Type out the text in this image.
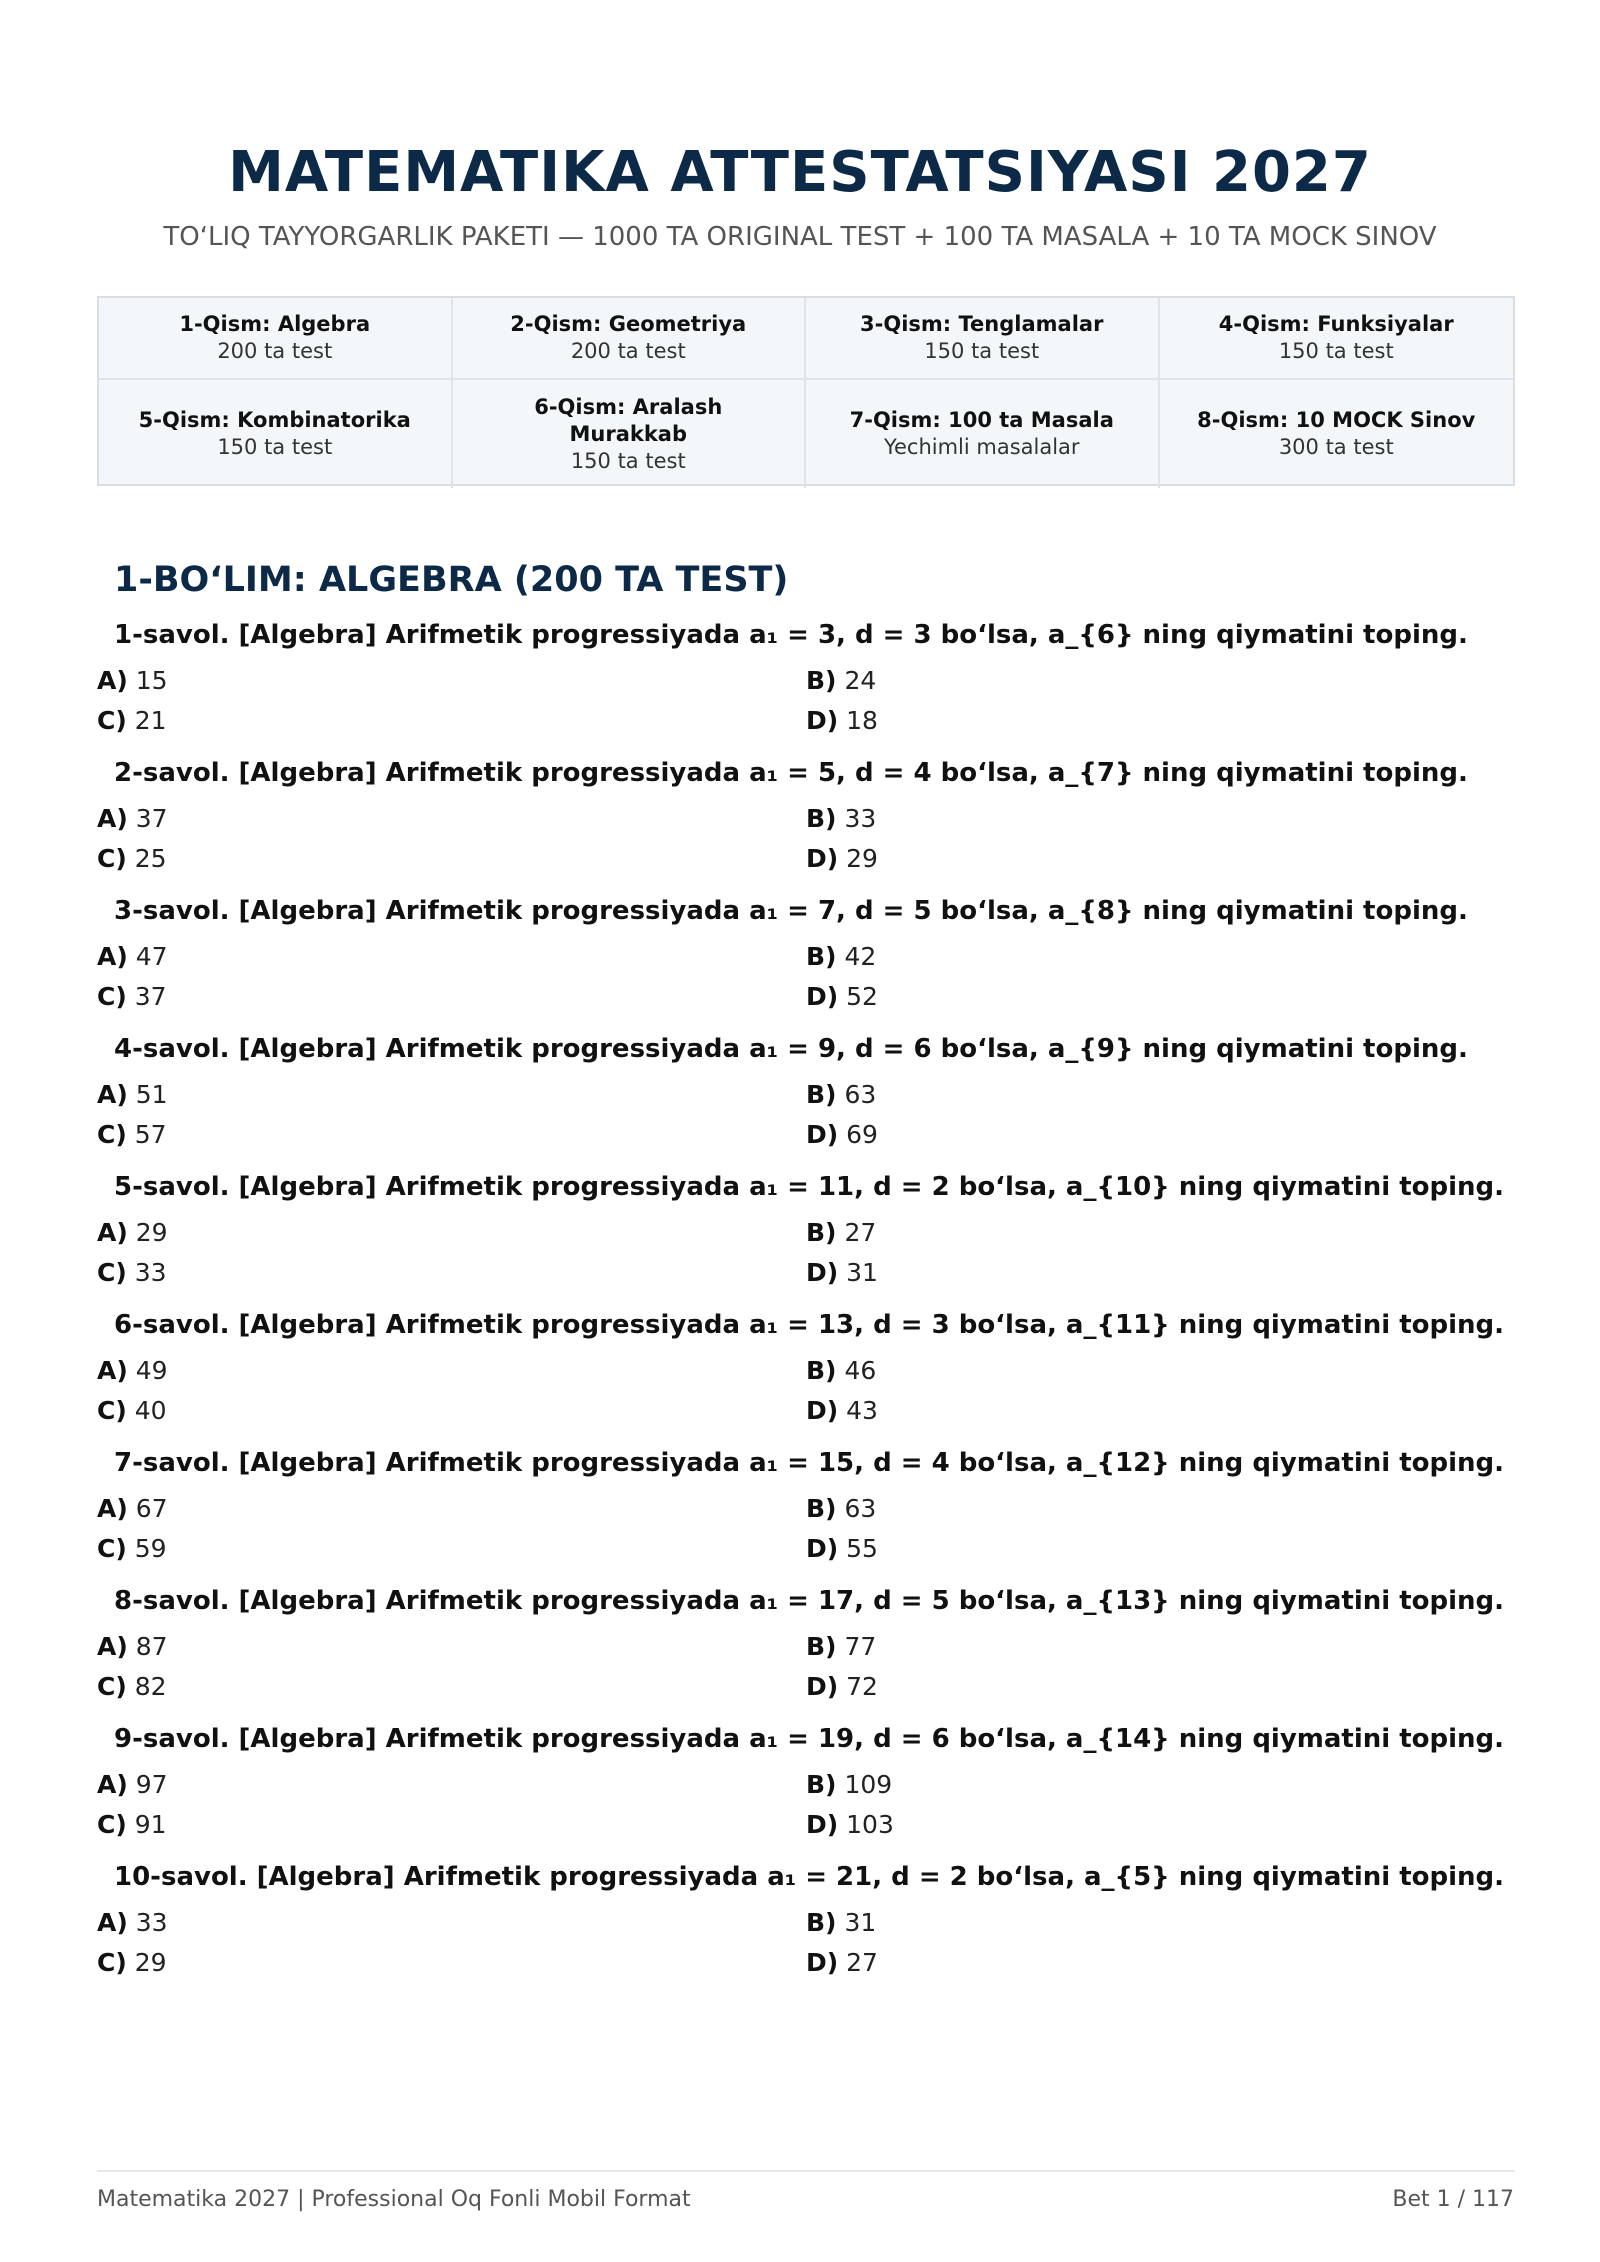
MATEMATIKA ATTESTATSIYASI 2027
TO‘LIQ TAYYORGARLIK PAKETI — 1000 TA ORIGINAL TEST + 100 TA MASALA + 10 TA MOCK SINOV
1-Qism: Algebra
200 ta test
2-Qism: Geometriya
200 ta test
3-Qism: Tenglamalar
150 ta test
4-Qism: Funksiyalar
150 ta test
5-Qism: Kombinatorika
150 ta test
6-Qism: Aralash Murakkab
150 ta test
7-Qism: 100 ta Masala
Yechimli masalalar
8-Qism: 10 MOCK Sinov
300 ta test
1-BO‘LIM: ALGEBRA (200 TA TEST)
1-savol. [Algebra] Arifmetik progressiyada a₁ = 3, d = 3 bo‘lsa, a_{6} ning qiymatini toping.
A) 15	B) 24
C) 21	D) 18
2-savol. [Algebra] Arifmetik progressiyada a₁ = 5, d = 4 bo‘lsa, a_{7} ning qiymatini toping.
A) 37	B) 33
C) 25	D) 29
3-savol. [Algebra] Arifmetik progressiyada a₁ = 7, d = 5 bo‘lsa, a_{8} ning qiymatini toping.
A) 47	B) 42
C) 37	D) 52
4-savol. [Algebra] Arifmetik progressiyada a₁ = 9, d = 6 bo‘lsa, a_{9} ning qiymatini toping.
A) 51	B) 63
C) 57	D) 69
5-savol. [Algebra] Arifmetik progressiyada a₁ = 11, d = 2 bo‘lsa, a_{10} ning qiymatini toping.
A) 29	B) 27
C) 33	D) 31
6-savol. [Algebra] Arifmetik progressiyada a₁ = 13, d = 3 bo‘lsa, a_{11} ning qiymatini toping.
A) 49	B) 46
C) 40	D) 43
7-savol. [Algebra] Arifmetik progressiyada a₁ = 15, d = 4 bo‘lsa, a_{12} ning qiymatini toping.
A) 67	B) 63
C) 59	D) 55
8-savol. [Algebra] Arifmetik progressiyada a₁ = 17, d = 5 bo‘lsa, a_{13} ning qiymatini toping.
A) 87	B) 77
C) 82	D) 72
9-savol. [Algebra] Arifmetik progressiyada a₁ = 19, d = 6 bo‘lsa, a_{14} ning qiymatini toping.
A) 97	B) 109
C) 91	D) 103
10-savol. [Algebra] Arifmetik progressiyada a₁ = 21, d = 2 bo‘lsa, a_{5} ning qiymatini toping.
A) 33	B) 31
C) 29	D) 27
Matematika 2027 | Professional Oq Fonli Mobil Format	Bet 1 / 117
